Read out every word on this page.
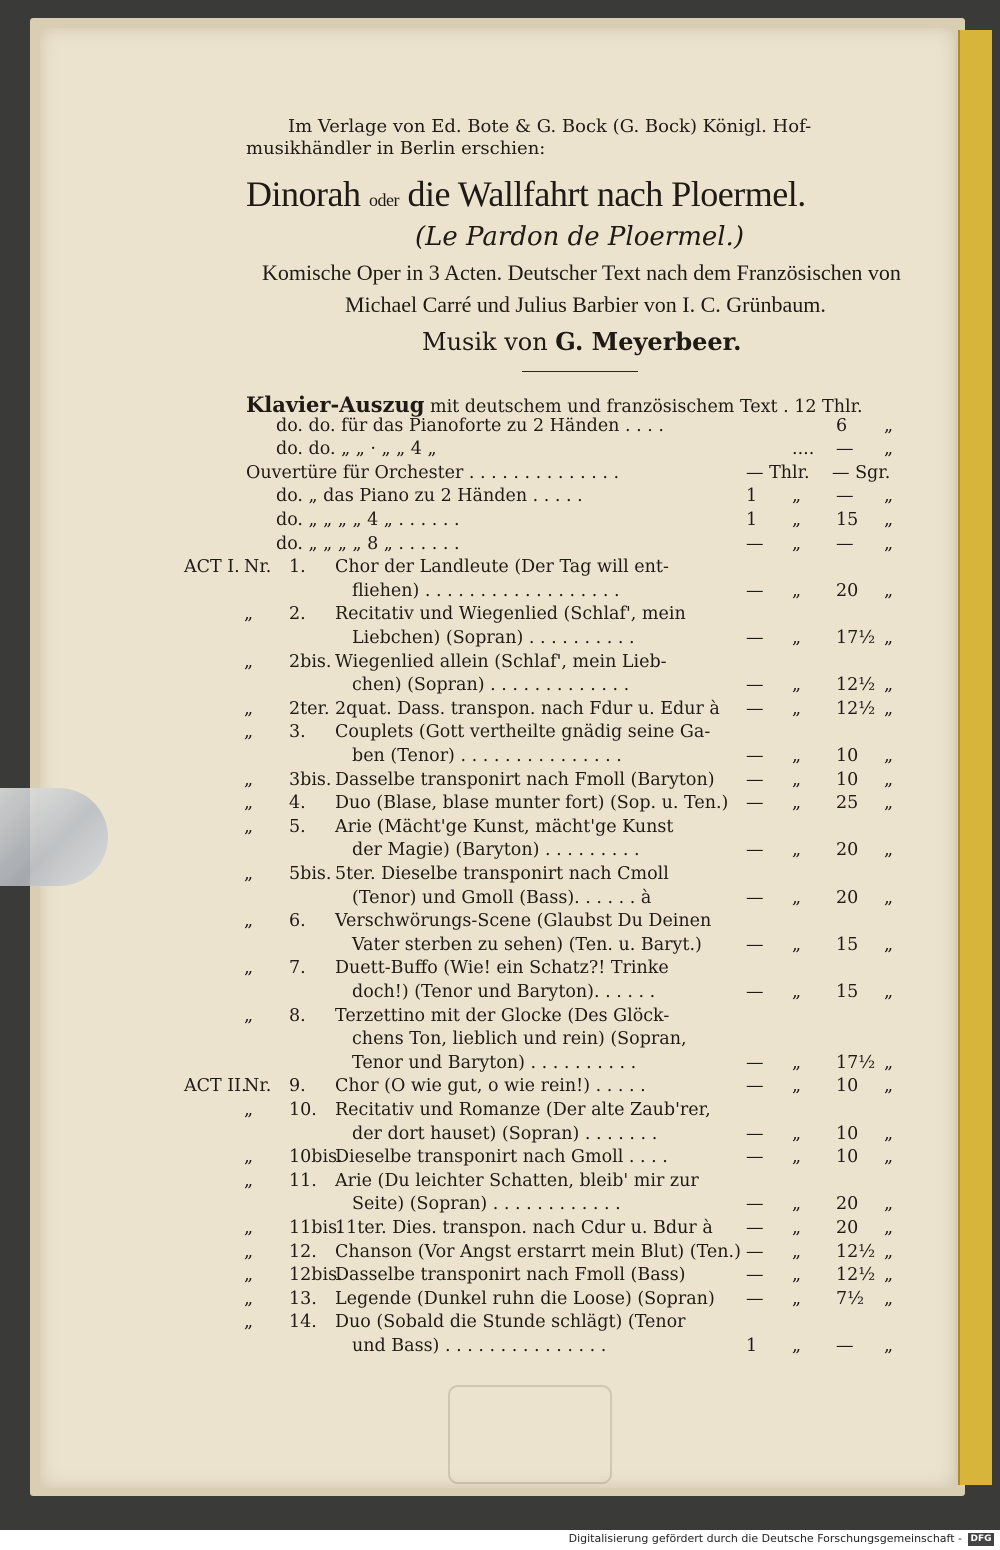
Im Verlage von Ed. Bote & G. Bock (G. Bock) Königl. Hof-
musikhändler in Berlin erschien:
Dinorah oder die Wallfahrt nach Ploermel.
(Le Pardon de Ploermel.)
Komische Oper in 3 Acten. Deutscher Text nach dem Französischen von
Michael Carré und Julius Barbier von I. C. Grünbaum.
Musik von G. Meyerbeer.
Klavier-Auszug mit deutschem und französischem Text . 12 Thlr.
do. do. für das Pianoforte zu 2 Händen . . . .	6 „
do. do. „ „ · „ „ 4 „	.... — „
Ouvertüre für Orchester . . . . . . . . . . . . . .	— Thlr. — Sgr.
do. „ das Piano zu 2 Händen . . . . .	1 „ — „
do. „ „ „ „ 4 „ . . . . . .	1 „ 15 „
do. „ „ „ „ 8 „ . . . . . .	— „ — „
ACT I. Nr. 1. Chor der Landleute (Der Tag will ent-
fliehen) . . . . . . . . . . . . . . . . . .	— „ 20 „
„ 2. Recitativ und Wiegenlied (Schlaf', mein
Liebchen) (Sopran) . . . . . . . . . .	— „ 17½ „
„ 2bis. Wiegenlied allein (Schlaf', mein Lieb-
chen) (Sopran) . . . . . . . . . . . . .	— „ 12½ „
„ 2ter. 2quat. Dass. transpon. nach Fdur u. Edur à — „ 12½ „
„ 3. Couplets (Gott vertheilte gnädig seine Ga-
ben (Tenor) . . . . . . . . . . . . . . .	— „ 10 „
„ 3bis. Dasselbe transponirt nach Fmoll (Baryton) — „ 10 „
„ 4. Duo (Blase, blase munter fort) (Sop. u. Ten.) — „ 25 „
„ 5. Arie (Mächt'ge Kunst, mächt'ge Kunst
der Magie) (Baryton) . . . . . . . . .	— „ 20 „
„ 5bis. 5ter. Dieselbe transponirt nach Cmoll
(Tenor) und Gmoll (Bass). . . . . . à	— „ 20 „
„ 6. Verschwörungs-Scene (Glaubst Du Deinen
Vater sterben zu sehen) (Ten. u. Baryt.)	— „ 15 „
„ 7. Duett-Buffo (Wie! ein Schatz?! Trinke
doch!) (Tenor und Baryton). . . . . .	— „ 15 „
„ 8. Terzettino mit der Glocke (Des Glöck-
chens Ton, lieblich und rein) (Sopran,
Tenor und Baryton) . . . . . . . . . .	— „ 17½ „
ACT II.
Nr. 9. Chor (O wie gut, o wie rein!) . . . . .	— „ 10 „
„ 10. Recitativ und Romanze (Der alte Zaub'rer,
der dort hauset) (Sopran) . . . . . . .	— „ 10 „
„ 10bis.
Dieselbe transponirt nach Gmoll . . . .	— „ 10 „
„ 11. Arie (Du leichter Schatten, bleib' mir zur
Seite) (Sopran) . . . . . . . . . . . .	— „ 20 „
„ 11bis.
11ter. Dies. transpon. nach Cdur u. Bdur à — „ 20 „
„ 12. Chanson (Vor Angst erstarrt mein Blut) (Ten.) — „ 12½ „
„ 12bis.
Dasselbe transponirt nach Fmoll (Bass)	— „ 12½ „
„ 13. Legende (Dunkel ruhn die Loose) (Sopran) — „ 7½ „
„ 14. Duo (Sobald die Stunde schlägt) (Tenor
und Bass) . . . . . . . . . . . . . . .	1 „ — „
Digitalisierung gefördert durch die Deutsche Forschungsgemeinschaft - DFG
